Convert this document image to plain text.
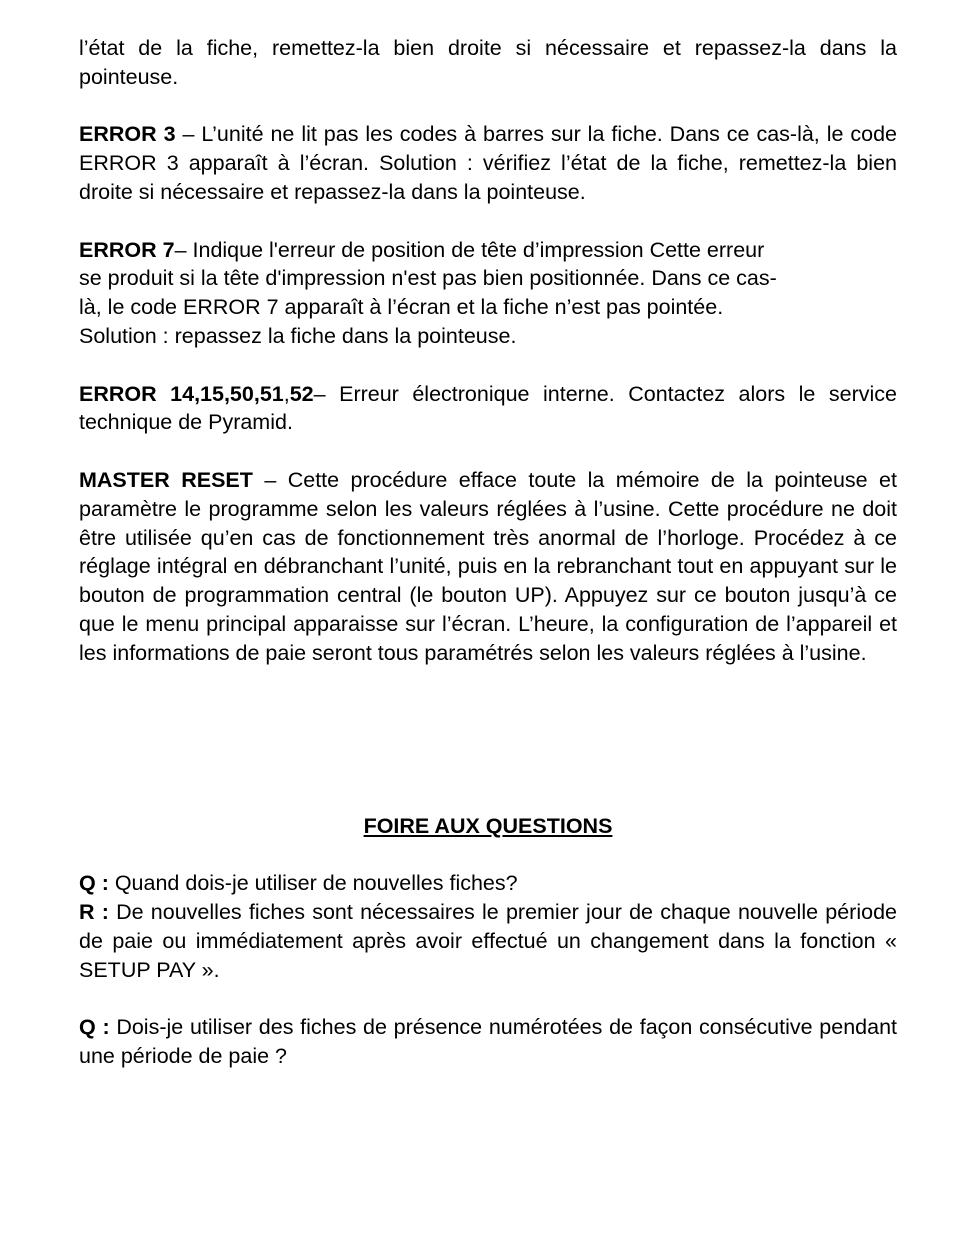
l’état de la fiche, remettez-la bien droite si nécessaire et repassez-la dans la pointeuse.

ERROR 3 – L’unité ne lit pas les codes à barres sur la fiche. Dans ce cas-là, le code ERROR 3 apparaît à l’écran. Solution : vérifiez l’état de la fiche, remettez-la bien droite si nécessaire et repassez-la dans la pointeuse.

ERROR 7– Indique l'erreur de position de tête d’impression Cette erreur
se produit si la tête d'impression n'est pas bien positionnée. Dans ce cas-
là, le code ERROR 7 apparaît à l’écran et la fiche n’est pas pointée.
Solution : repassez la fiche dans la pointeuse.

ERROR 14,15,50,51,52– Erreur électronique interne. Contactez alors le service technique de Pyramid.

MASTER RESET – Cette procédure efface toute la mémoire de la pointeuse et paramètre le programme selon les valeurs réglées à l’usine. Cette procédure ne doit être utilisée qu’en cas de fonctionnement très anormal de l’horloge. Procédez à ce réglage intégral en débranchant l’unité, puis en la rebranchant tout en appuyant sur le bouton de programmation central (le bouton UP). Appuyez sur ce bouton jusqu’à ce que le menu principal apparaisse sur l’écran. L’heure, la configuration de l’appareil et les informations de paie seront tous paramétrés selon les valeurs réglées à l’usine.

FOIRE AUX QUESTIONS

Q : Quand dois-je utiliser de nouvelles fiches?

R : De nouvelles fiches sont nécessaires le premier jour de chaque nouvelle période de paie ou immédiatement après avoir effectué un changement dans la fonction « SETUP PAY ».

Q : Dois-je utiliser des fiches de présence numérotées de façon consécutive pendant une période de paie ?
